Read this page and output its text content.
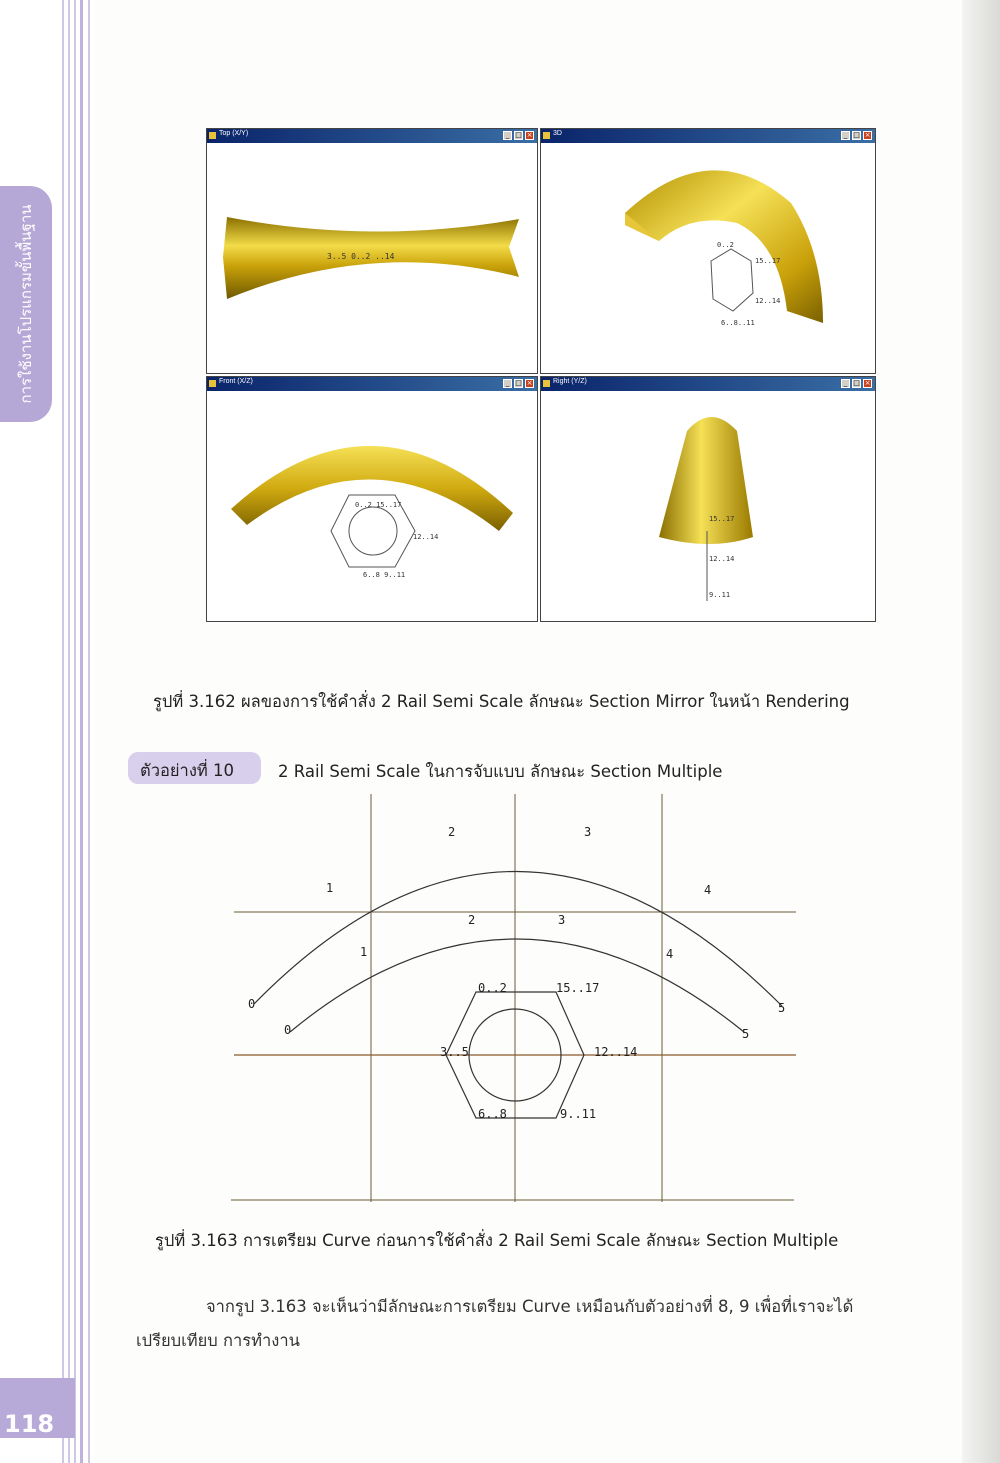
การใช้งานโปรแกรมขั้นพื้นฐาน
118
Top (X/Y)	_ □ ×
3..5 0..2 ..14
3D	_ □ ×
0..2
15..17
12..14
6..8..11
Front (X/Z)	_ □ ×
0..2 15..17
12..14
6..8 9..11
Right (Y/Z)	_ □ ×
15..17
12..14
9..11
รูปที่ 3.162 ผลของการใช้คำสั่ง 2 Rail Semi Scale ลักษณะ Section Mirror ในหน้า Rendering
ตัวอย่างที่ 10	2 Rail Semi Scale ในการจับแบบ ลักษณะ Section Multiple
0
1
2	3
4
5
0
1
2	3
4
5
0..2	15..17
12..14
9..11
6..8
3..5
รูปที่ 3.163 การเตรียม Curve ก่อนการใช้คำสั่ง 2 Rail Semi Scale ลักษณะ Section Multiple
จากรูป 3.163 จะเห็นว่ามีลักษณะการเตรียม Curve เหมือนกับตัวอย่างที่ 8, 9 เพื่อที่เราจะได้
เปรียบเทียบ การทำงาน
